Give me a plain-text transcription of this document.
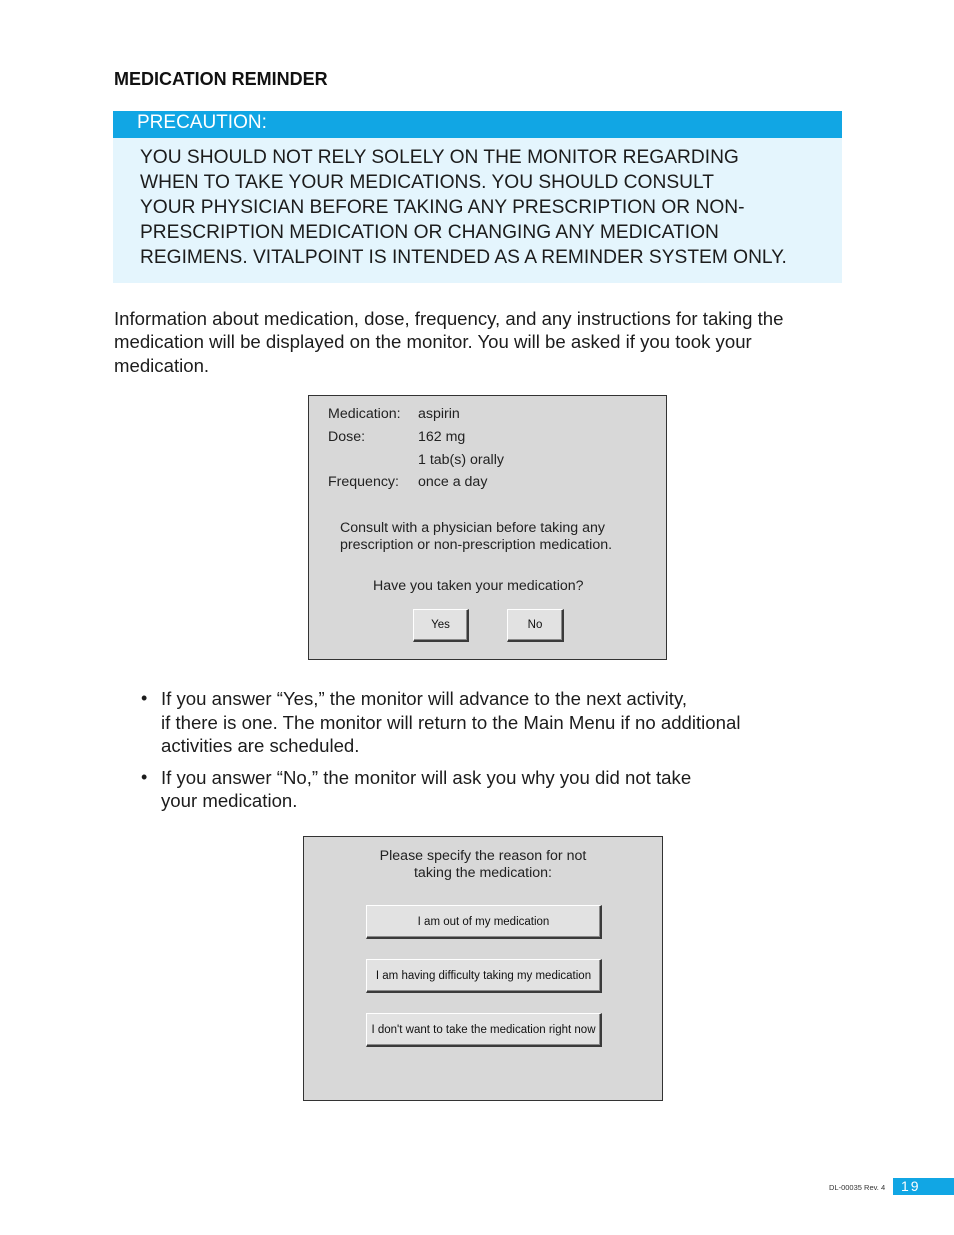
MEDICATION REMINDER
PRECAUTION:
YOU SHOULD NOT RELY SOLELY ON THE MONITOR REGARDING
WHEN TO TAKE YOUR MEDICATIONS. YOU SHOULD CONSULT
YOUR PHYSICIAN BEFORE TAKING ANY PRESCRIPTION OR NON-
PRESCRIPTION MEDICATION OR CHANGING ANY MEDICATION
REGIMENS. VITALPOINT IS INTENDED AS A REMINDER SYSTEM ONLY.
Information about medication, dose, frequency, and any instructions for taking the
medication will be displayed on the monitor. You will be asked if you took your
medication.
Medication: aspirin
Dose:	162 mg
1 tab(s) orally
Frequency: once a day
Consult with a physician before taking any
prescription or non-prescription medication.
Have you taken your medication?
Yes	No
• If you answer “Yes,” the monitor will advance to the next activity,
if there is one. The monitor will return to the Main Menu if no additional
activities are scheduled.
• If you answer “No,” the monitor will ask you why you did not take
your medication.
Please specify the reason for not
taking the medication:
I am out of my medication
I am having difficulty taking my medication
I don't want to take the medication right now
DL-00035 Rev. 4 19
